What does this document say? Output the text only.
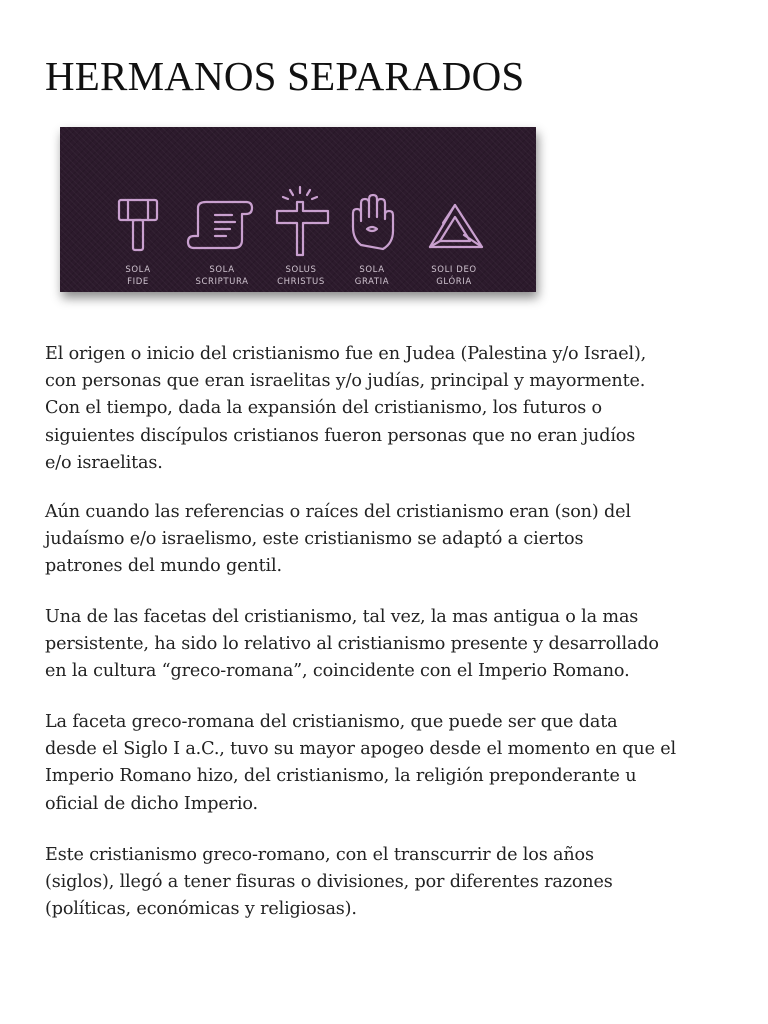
HERMANOS SEPARADOS
SOLA
FIDE
SOLA
SCRIPTURA
SOLUS
CHRISTUS
SOLA
GRATIA
SOLI DEO
GLÓRIA

El origen o inicio del cristianismo fue en Judea (Palestina y/o Israel),
con personas que eran israelitas y/o judías, principal y mayormente.
Con el tiempo, dada la expansión del cristianismo, los futuros o
siguientes discípulos cristianos fueron personas que no eran judíos
e/o israelitas.

Aún cuando las referencias o raíces del cristianismo eran (son) del
judaísmo e/o israelismo, este cristianismo se adaptó a ciertos
patrones del mundo gentil.

Una de las facetas del cristianismo, tal vez, la mas antigua o la mas
persistente, ha sido lo relativo al cristianismo presente y desarrollado
en la cultura “greco-romana”, coincidente con el Imperio Romano.

La faceta greco-romana del cristianismo, que puede ser que data
desde el Siglo I a.C., tuvo su mayor apogeo desde el momento en que el
Imperio Romano hizo, del cristianismo, la religión preponderante u
oficial de dicho Imperio.

Este cristianismo greco-romano, con el transcurrir de los años
(siglos), llegó a tener fisuras o divisiones, por diferentes razones
(políticas, económicas y religiosas).
